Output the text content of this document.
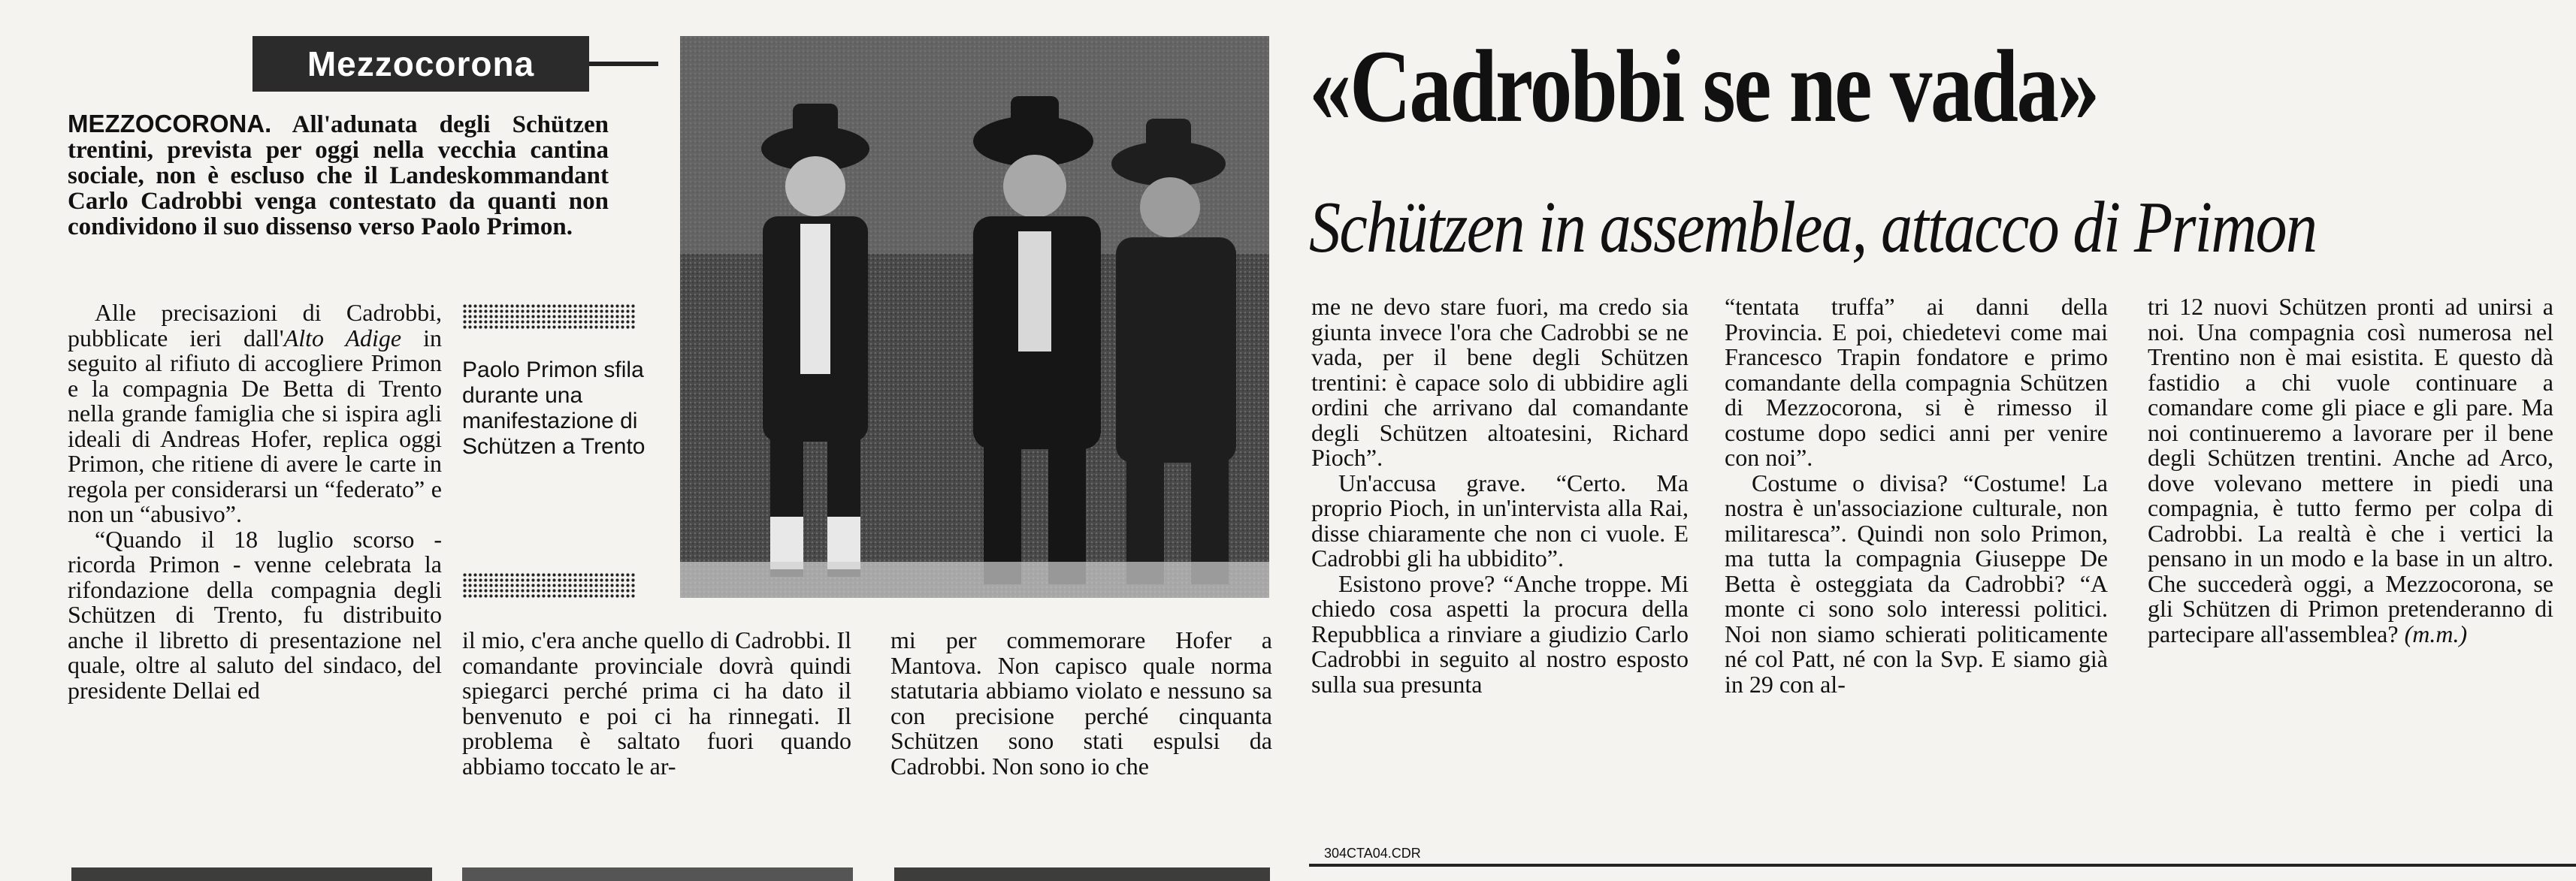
Mezzocorona
MEZZOCORONA. All'adunata degli Schützen trentini, prevista per oggi nella vecchia cantina sociale, non è escluso che il Landeskommandant Carlo Cadrobbi venga contestato da quanti non condividono il suo dissenso verso Paolo Primon.

Alle precisazioni di Cadrobbi, pubblicate ieri dall'Alto Adige in seguito al rifiuto di accogliere Primon e la compagnia De Betta di Trento nella grande famiglia che si ispira agli ideali di Andreas Hofer, replica oggi Primon, che ritiene di avere le carte in regola per considerarsi un “federato” e non un “abusivo”.

“Quando il 18 luglio scorso - ricorda Primon - venne celebrata la rifondazione della compagnia degli Schützen di Trento, fu distribuito anche il libretto di presentazione nel quale, oltre al saluto del sindaco, del presidente Dellai ed

Paolo Primon sfila durante una manifestazione di Schützen a Trento
«Cadrobbi se ne vada»
Schützen in assemblea, attacco di Primon

il mio, c'era anche quello di Cadrobbi. Il comandante provinciale dovrà quindi spiegarci perché prima ci ha dato il benvenuto e poi ci ha rinnegati. Il problema è saltato fuori quando abbiamo toccato le ar-

mi per commemorare Hofer a Mantova. Non capisco quale norma statutaria abbiamo violato e nessuno sa con precisione perché cinquanta Schützen sono stati espulsi da Cadrobbi. Non sono io che

me ne devo stare fuori, ma credo sia giunta invece l'ora che Cadrobbi se ne vada, per il bene degli Schützen trentini: è capace solo di ubbidire agli ordini che arrivano dal comandante degli Schützen altoatesini, Richard Pioch”.

Un'accusa grave. “Certo. Ma proprio Pioch, in un'intervista alla Rai, disse chiaramente che non ci vuole. E Cadrobbi gli ha ubbidito”.

Esistono prove? “Anche troppe. Mi chiedo cosa aspetti la procura della Repubblica a rinviare a giudizio Carlo Cadrobbi in seguito al nostro esposto sulla sua presunta

“tentata truffa” ai danni della Provincia. E poi, chiedetevi come mai Francesco Trapin fondatore e primo comandante della compagnia Schützen di Mezzocorona, si è rimesso il costume dopo sedici anni per venire con noi”.

Costume o divisa? “Costume! La nostra è un'associazione culturale, non militaresca”. Quindi non solo Primon, ma tutta la compagnia Giuseppe De Betta è osteggiata da Cadrobbi? “A monte ci sono solo interessi politici. Noi non siamo schierati politicamente né col Patt, né con la Svp. E siamo già in 29 con al-

tri 12 nuovi Schützen pronti ad unirsi a noi. Una compagnia così numerosa nel Trentino non è mai esistita. E questo dà fastidio a chi vuole continuare a comandare come gli piace e gli pare. Ma noi continueremo a lavorare per il bene degli Schützen trentini. Anche ad Arco, dove volevano mettere in piedi una compagnia, è tutto fermo per colpa di Cadrobbi. La realtà è che i vertici la pensano in un modo e la base in un altro. Che succederà oggi, a Mezzocorona, se gli Schützen di Primon pretenderanno di partecipare all'assemblea? (m.m.)

304CTA04.CDR
